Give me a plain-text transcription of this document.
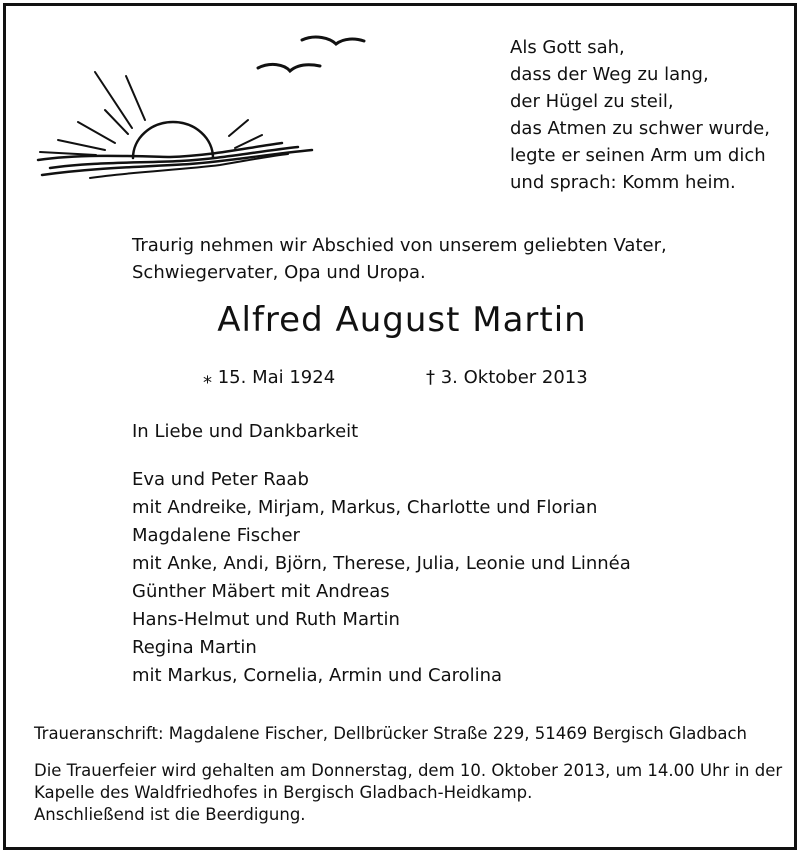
Als Gott sah,
dass der Weg zu lang,
der Hügel zu steil,
das Atmen zu schwer wurde,
legte er seinen Arm um dich
und sprach: Komm heim.
Traurig nehmen wir Abschied von unserem geliebten Vater,
Schwiegervater, Opa und Uropa.
Alfred August Martin
⁎ 15. Mai 1924	† 3. Oktober 2013
In Liebe und Dankbarkeit
Eva und Peter Raab
mit Andreike, Mirjam, Markus, Charlotte und Florian
Magdalene Fischer
mit Anke, Andi, Björn, Therese, Julia, Leonie und Linnéa
Günther Mäbert mit Andreas
Hans-Helmut und Ruth Martin
Regina Martin
mit Markus, Cornelia, Armin und Carolina
Traueranschrift: Magdalene Fischer, Dellbrücker Straße 229, 51469 Bergisch Gladbach
Die Trauerfeier wird gehalten am Donnerstag, dem 10. Oktober 2013, um 14.00 Uhr in der
Kapelle des Waldfriedhofes in Bergisch Gladbach-Heidkamp.
Anschließend ist die Beerdigung.
